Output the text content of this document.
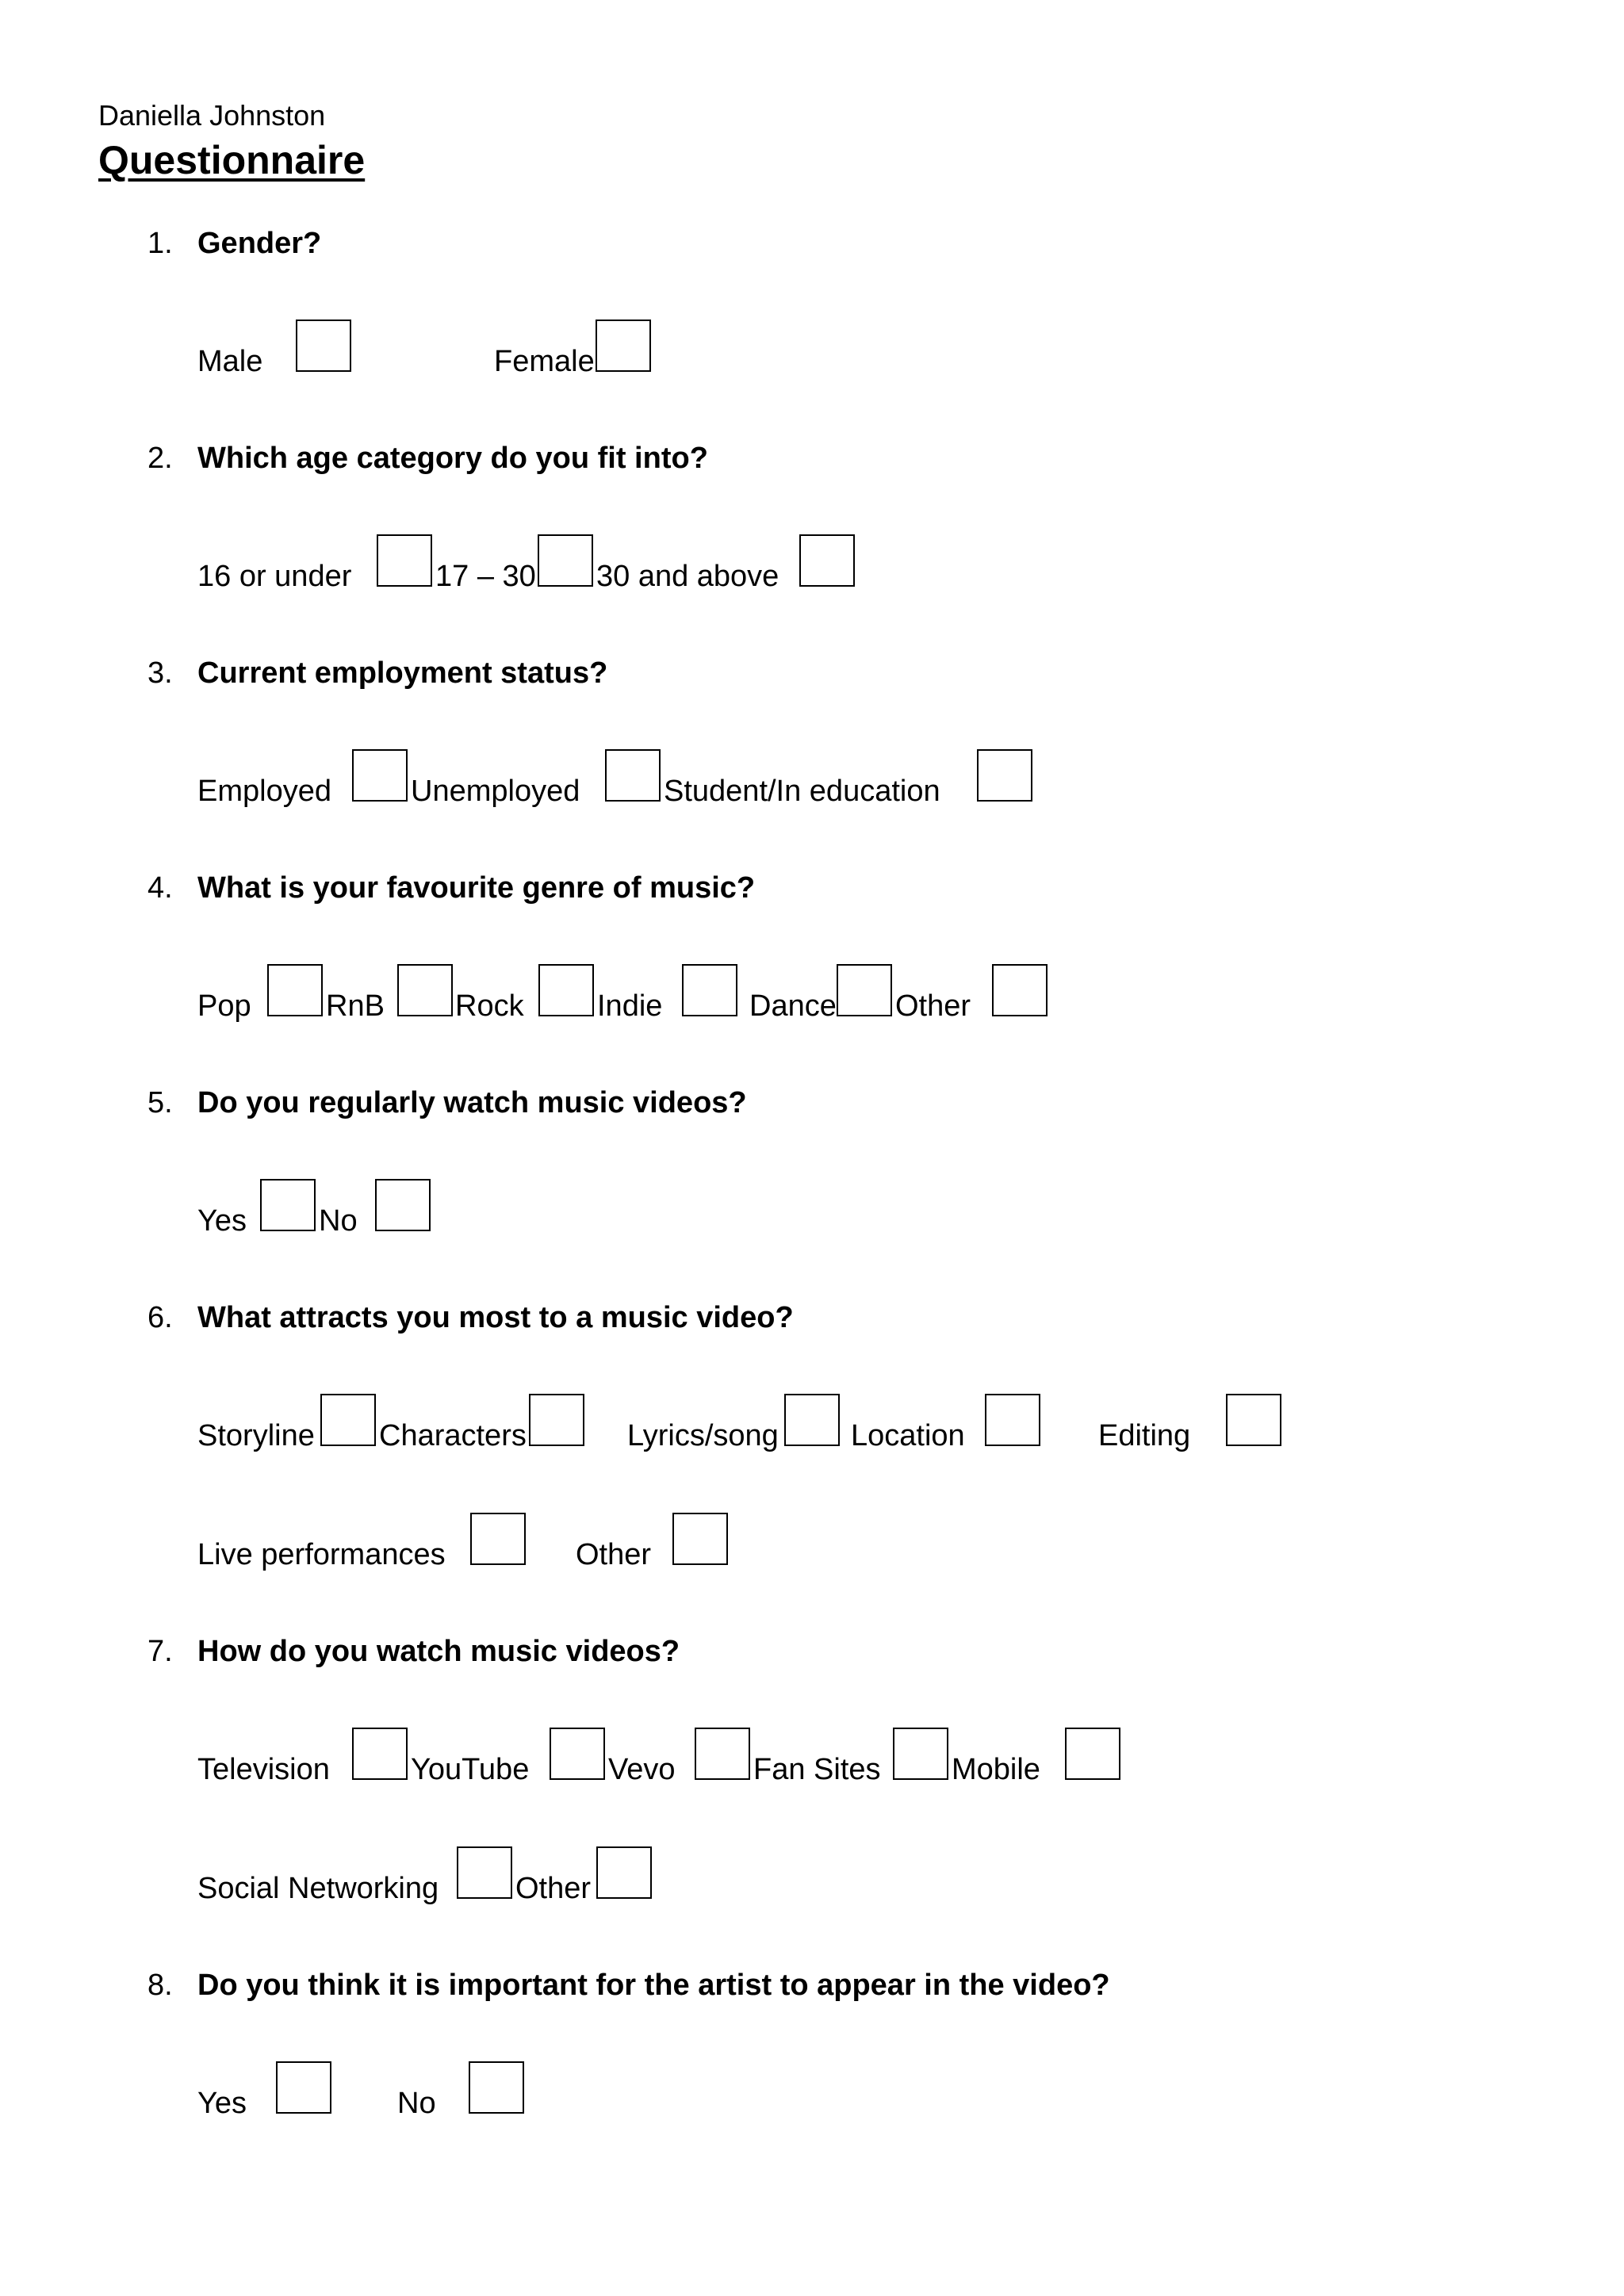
Daniella Johnston
Questionnaire
1. Gender?
Male	Female
2. Which age category do you fit into?
16 or under	17 – 30 30 and above
3. Current employment status?
Employed	Unemployed	Student/In education
4. What is your favourite genre of music?
Pop RnB Rock Indie	Dance Other
5. Do you regularly watch music videos?
Yes No
6. What attracts you most to a music video?
Storyline Characters	Lyrics/song Location	Editing
Live performances	Other
7. How do you watch music videos?
Television	YouTube	Vevo	Fan Sites Mobile
Social Networking	Other
8. Do you think it is important for the artist to appear in the video?
Yes	No
